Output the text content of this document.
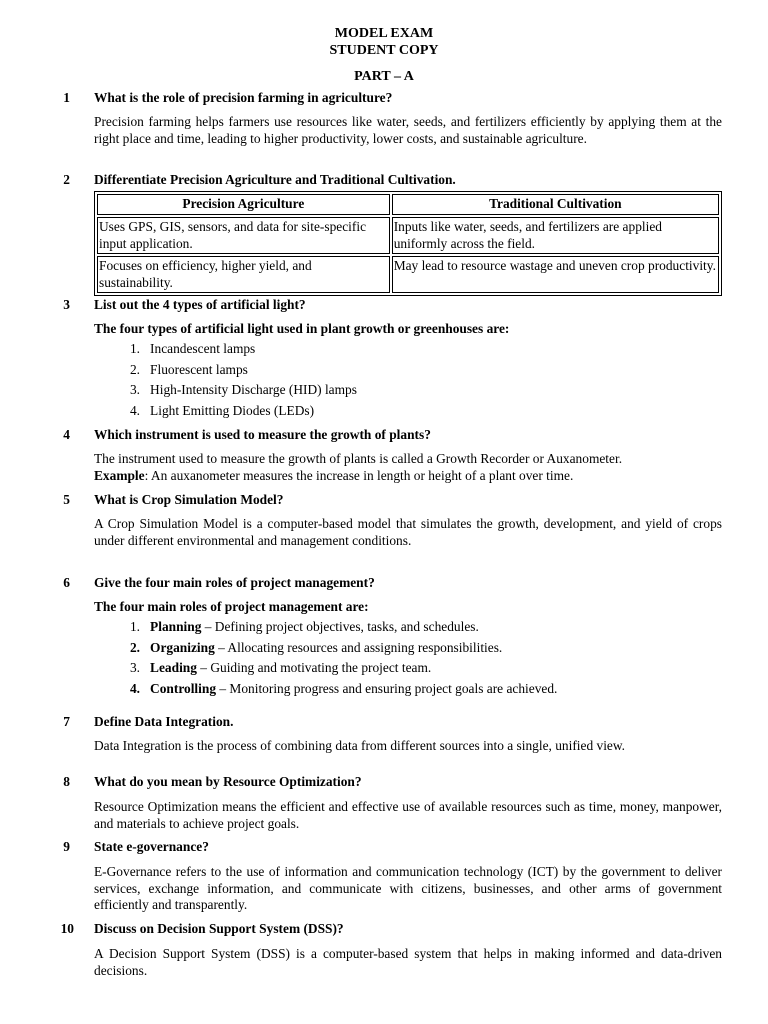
MODEL EXAM
STUDENT COPY
PART – A
1 What is the role of precision farming in agriculture?
Precision farming helps farmers use resources like water, seeds, and fertilizers efficiently by applying them at the right place and time, leading to higher productivity, lower costs, and sustainable agriculture.
2 Differentiate Precision Agriculture and Traditional Cultivation.
Precision Agriculture	Traditional Cultivation
Uses GPS, GIS, sensors, and data for site-specific input application.	Inputs like water, seeds, and fertilizers are applied uniformly across the field.
Focuses on efficiency, higher yield, and sustainability.	May lead to resource wastage and uneven crop productivity.
3 List out the 4 types of artificial light?
The four types of artificial light used in plant growth or greenhouses are:
1. Incandescent lamps
2. Fluorescent lamps
3. High-Intensity Discharge (HID) lamps
4. Light Emitting Diodes (LEDs)
4 Which instrument is used to measure the growth of plants?
The instrument used to measure the growth of plants is called a Growth Recorder or Auxanometer.
Example: An auxanometer measures the increase in length or height of a plant over time.
5 What is Crop Simulation Model?
A Crop Simulation Model is a computer-based model that simulates the growth, development, and yield of crops under different environmental and management conditions.
6 Give the four main roles of project management?
The four main roles of project management are:
1. Planning – Defining project objectives, tasks, and schedules.
2. Organizing – Allocating resources and assigning responsibilities.
3. Leading – Guiding and motivating the project team.
4. Controlling – Monitoring progress and ensuring project goals are achieved.
7 Define Data Integration.
Data Integration is the process of combining data from different sources into a single, unified view.
8 What do you mean by Resource Optimization?
Resource Optimization means the efficient and effective use of available resources such as time, money, manpower, and materials to achieve project goals.
9 State e-governance?
E-Governance refers to the use of information and communication technology (ICT) by the government to deliver services, exchange information, and communicate with citizens, businesses, and other arms of government efficiently and transparently.
10 Discuss on Decision Support System (DSS)?
A Decision Support System (DSS) is a computer-based system that helps in making informed and data-driven decisions.
